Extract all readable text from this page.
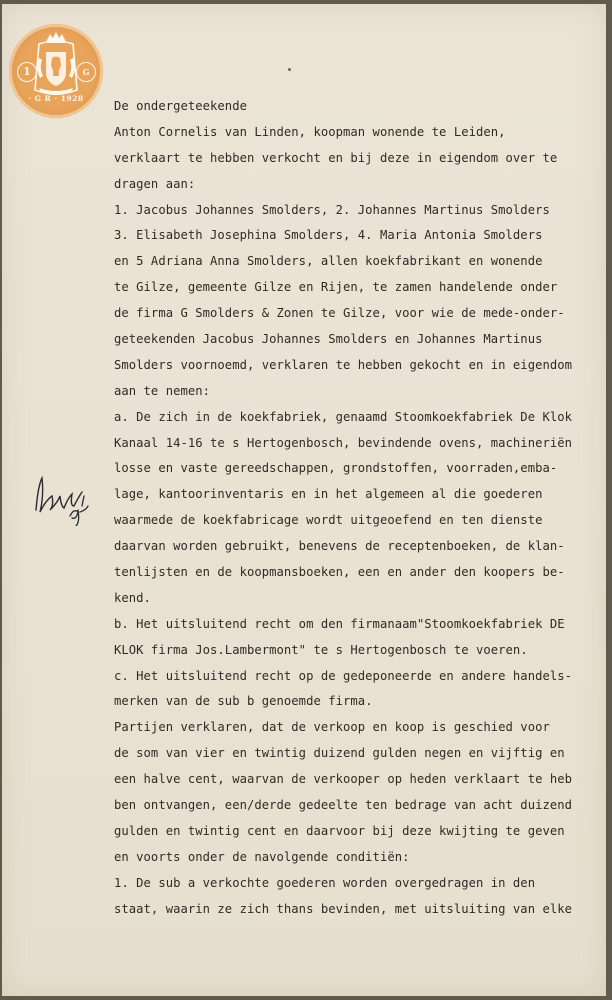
1	G
· G R · 1928
De ondergeteekende
Anton Cornelis van Linden, koopman wonende te Leiden,
verklaart te hebben verkocht en bij deze in eigendom over te
dragen aan:
1. Jacobus Johannes Smolders, 2. Johannes Martinus Smolders
3. Elisabeth Josephina Smolders, 4. Maria Antonia Smolders
en 5 Adriana Anna Smolders, allen koekfabrikant en wonende
te Gilze, gemeente Gilze en Rijen, te zamen handelende onder
de firma G Smolders & Zonen te Gilze, voor wie de mede-onder-
geteekenden Jacobus Johannes Smolders en Johannes Martinus
Smolders voornoemd, verklaren te hebben gekocht en in eigendom
aan te nemen:
a. De zich in de koekfabriek, genaamd Stoomkoekfabriek De Klok
Kanaal 14-16 te s Hertogenbosch, bevindende ovens, machineriën
losse en vaste gereedschappen, grondstoffen, voorraden,emba-
lage, kantoorinventaris en in het algemeen al die goederen
waarmede de koekfabricage wordt uitgeoefend en ten dienste
daarvan worden gebruikt, benevens de receptenboeken, de klan-
tenlijsten en de koopmansboeken, een en ander den koopers be-
kend.
b. Het uitsluitend recht om den firmanaam"Stoomkoekfabriek DE
KLOK firma Jos.Lambermont" te s Hertogenbosch te voeren.
c. Het uitsluitend recht op de gedeponeerde en andere handels-
merken van de sub b genoemde firma.
Partijen verklaren, dat de verkoop en koop is geschied voor
de som van vier en twintig duizend gulden negen en vijftig en
een halve cent, waarvan de verkooper op heden verklaart te heb
ben ontvangen, een/derde gedeelte ten bedrage van acht duizend
gulden en twintig cent en daarvoor bij deze kwijting te geven
en voorts onder de navolgende conditiën:
1. De sub a verkochte goederen worden overgedragen in den
staat, waarin ze zich thans bevinden, met uitsluiting van elke
